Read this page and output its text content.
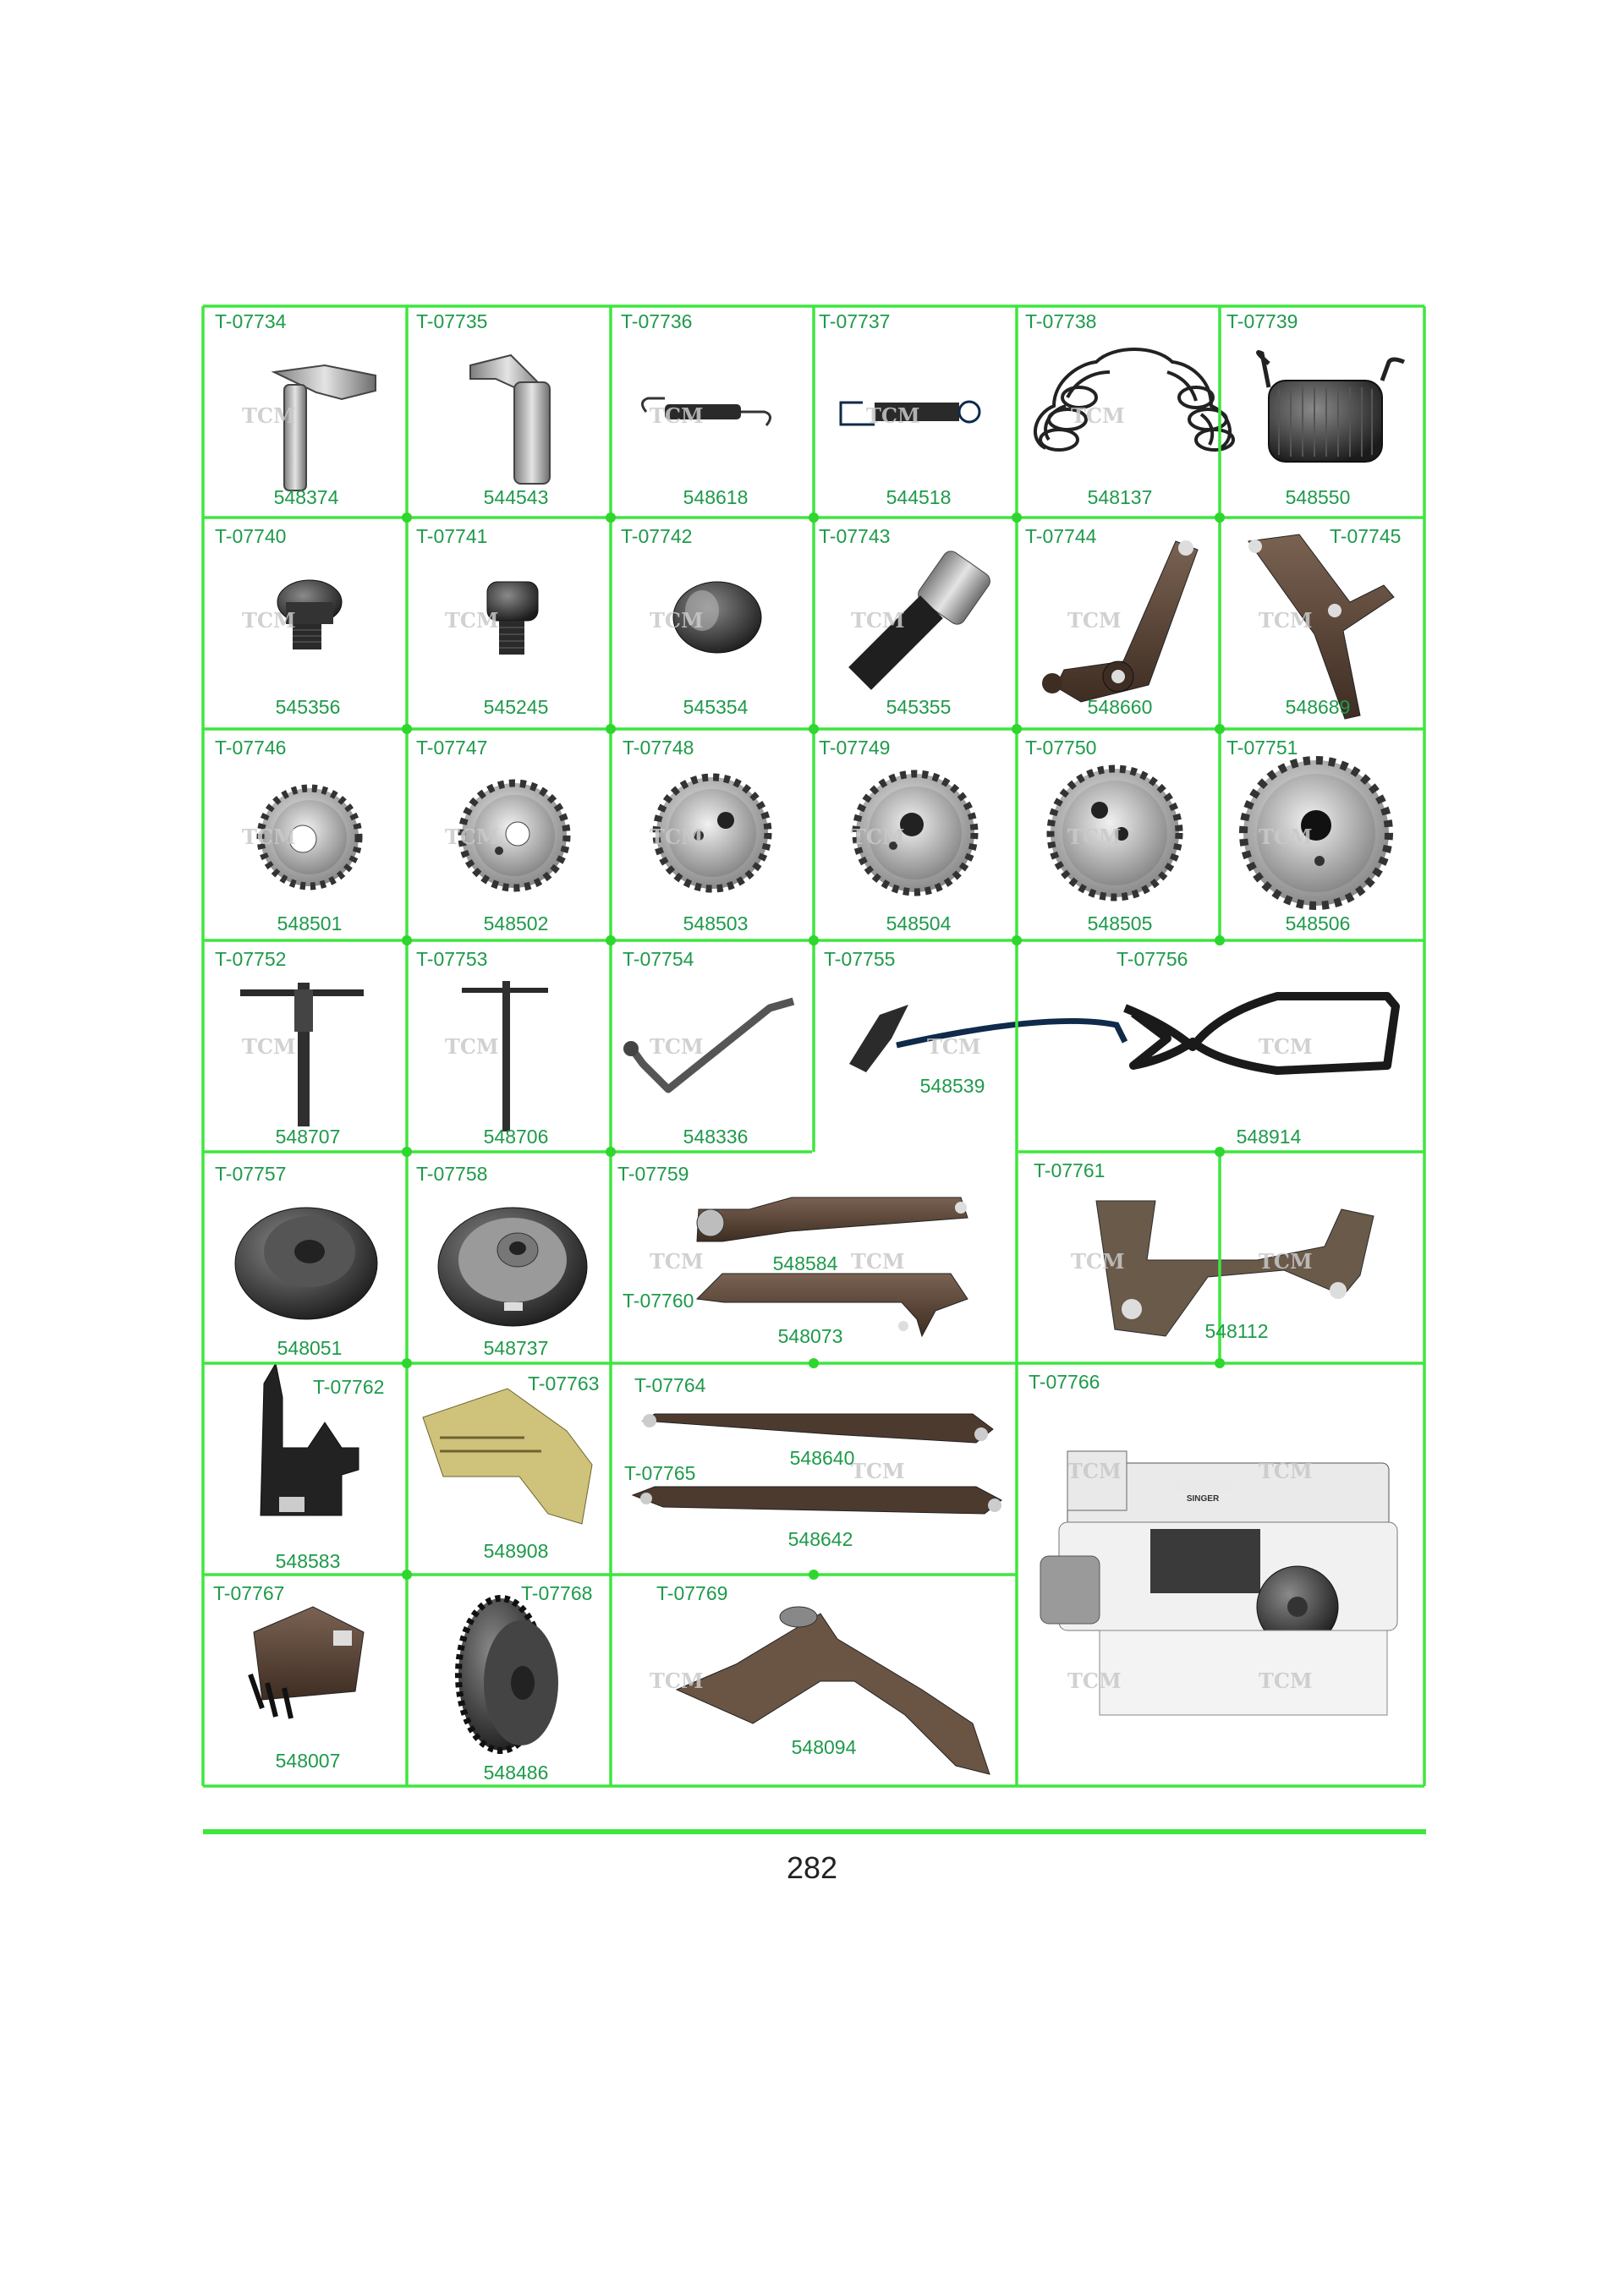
SINGER
TCM	TCM	TCM	TCM
TCM	TCM	TCM	TCM	TCM	TCM
TCM	TCM	TCM	TCM	TCM	TCM
TCM	TCM	TCM	TCM	TCM
TCM	TCM	TCM	TCM
TCM	TCM	TCM
TCM	TCM	TCM
T-07734
548374
T-07735
544543
T-07736
548618
T-07737
544518
T-07738
548137
T-07739
548550
T-07740
545356
T-07741
545245
T-07742
545354
T-07743
545355
T-07744
548660
T-07745
548689
T-07746
548501
T-07747
548502
T-07748
548503
T-07749
548504
T-07750
548505
T-07751
548506
T-07752
548707
T-07753
548706
T-07754
548336
T-07755
548539
T-07756
548914
T-07757
548051
T-07758
548737
T-07759
548584
T-07760
548073
T-07761
548112
T-07762
548583
T-07763
548908
T-07764
548640
T-07765
548642
T-07766
T-07767
548007
T-07768
548486
T-07769
548094
282
